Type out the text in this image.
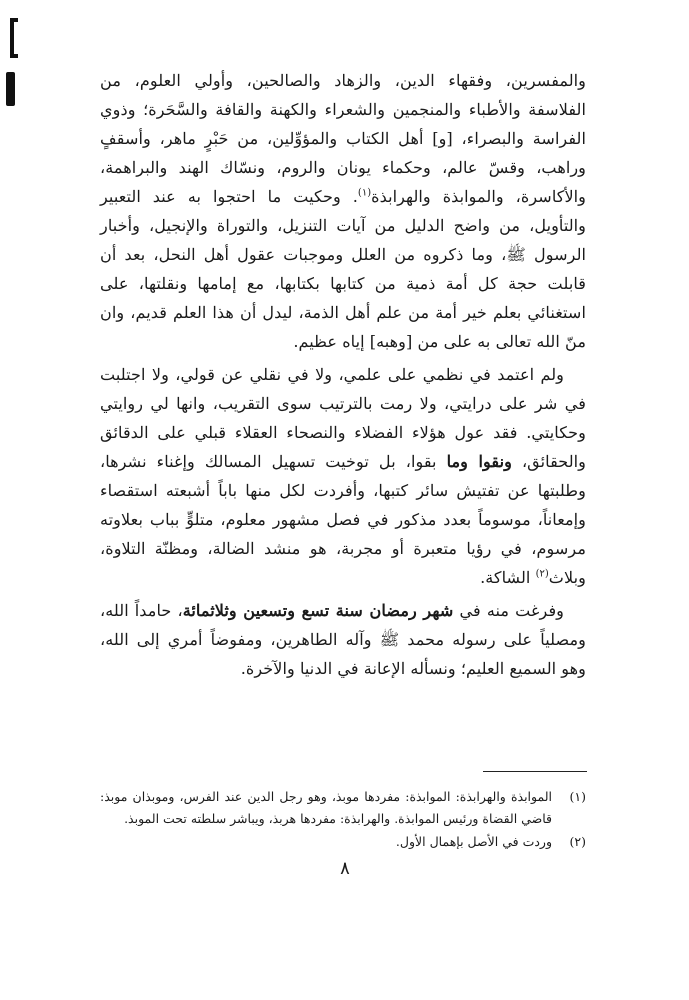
والمفسرين، وفقهاء الدين، والزهاد والصالحين، وأولي العلوم، من الفلاسفة والأطباء والمنجمين والشعراء والكهنة والقافة والسَّحَرة؛ وذوي الفراسة والبصراء، [و] أهل الكتاب والمؤوِّلين، من حَبْرٍ ماهر، وأسقفٍ وراهب، وقسّ عالم، وحكماء يونان والروم، ونسّاك الهند والبراهمة، والأكاسرة، والموابذة والهرابذة$^{(١)}$. وحكيت ما احتجوا به عند التعبير والتأويل، من واضح الدليل من آيات التنزيل، والتوراة والإنجيل، وأخبار الرسول ﷺ، وما ذكروه من العلل وموجبات عقول أهل النحل، بعد أن قابلت حجة كل أمة ذمية من كتابها بكتابها، مع إمامها ونقلتها، على استغنائي بعلم خير أمة من علم أهل الذمة، ليدل أن هذا العلم قديم، وان منّ الله تعالى به على من [وهبه] إياه عظيم.

ولم اعتمد في نظمي على علمي، ولا في نقلي عن قولي، ولا اجتلبت في شر على درايتي، ولا رمت بالترتيب سوى التقريب، وانها لي روايتي وحكايتي. فقد عول هؤلاء الفضلاء والنصحاء العقلاء قبلي على الدقائق والحقائق، ونقوا وما بقوا، بل توخيت تسهيل المسالك وإغناء نشرها، وطلبتها عن تفتيش سائر كتبها، وأفردت لكل منها باباً أشبعته استقصاء وإمعاناً، موسوماً بعدد مذكور في فصل مشهور معلوم، متلوٍّ بباب بعلاوته مرسوم، في رؤيا متعبرة أو مجربة، هو منشد الضالة، ومظنّة التلاوة، وبلاث$^{(٢)}$ الشاكة.

وفرغت منه في شهر رمضان سنة تسع وتسعين وثلاثمائة، حامداً الله، ومصلياً على رسوله محمد ﷺ وآله الطاهرين، ومفوضاً أمري إلى الله، وهو السميع العليم؛ ونسأله الإعانة في الدنيا والآخرة.

(١)
الموابذة والهرابذة: الموابذة: مفردها موبذ، وهو رجل الدين عند الفرس، وموبذان موبذ: قاضي القضاة ورئيس الموابذة. والهرابذة: مفردها هربذ، ويباشر سلطته تحت الموبذ.
(٢)
وردت في الأصل بإهمال الأول.
٨
